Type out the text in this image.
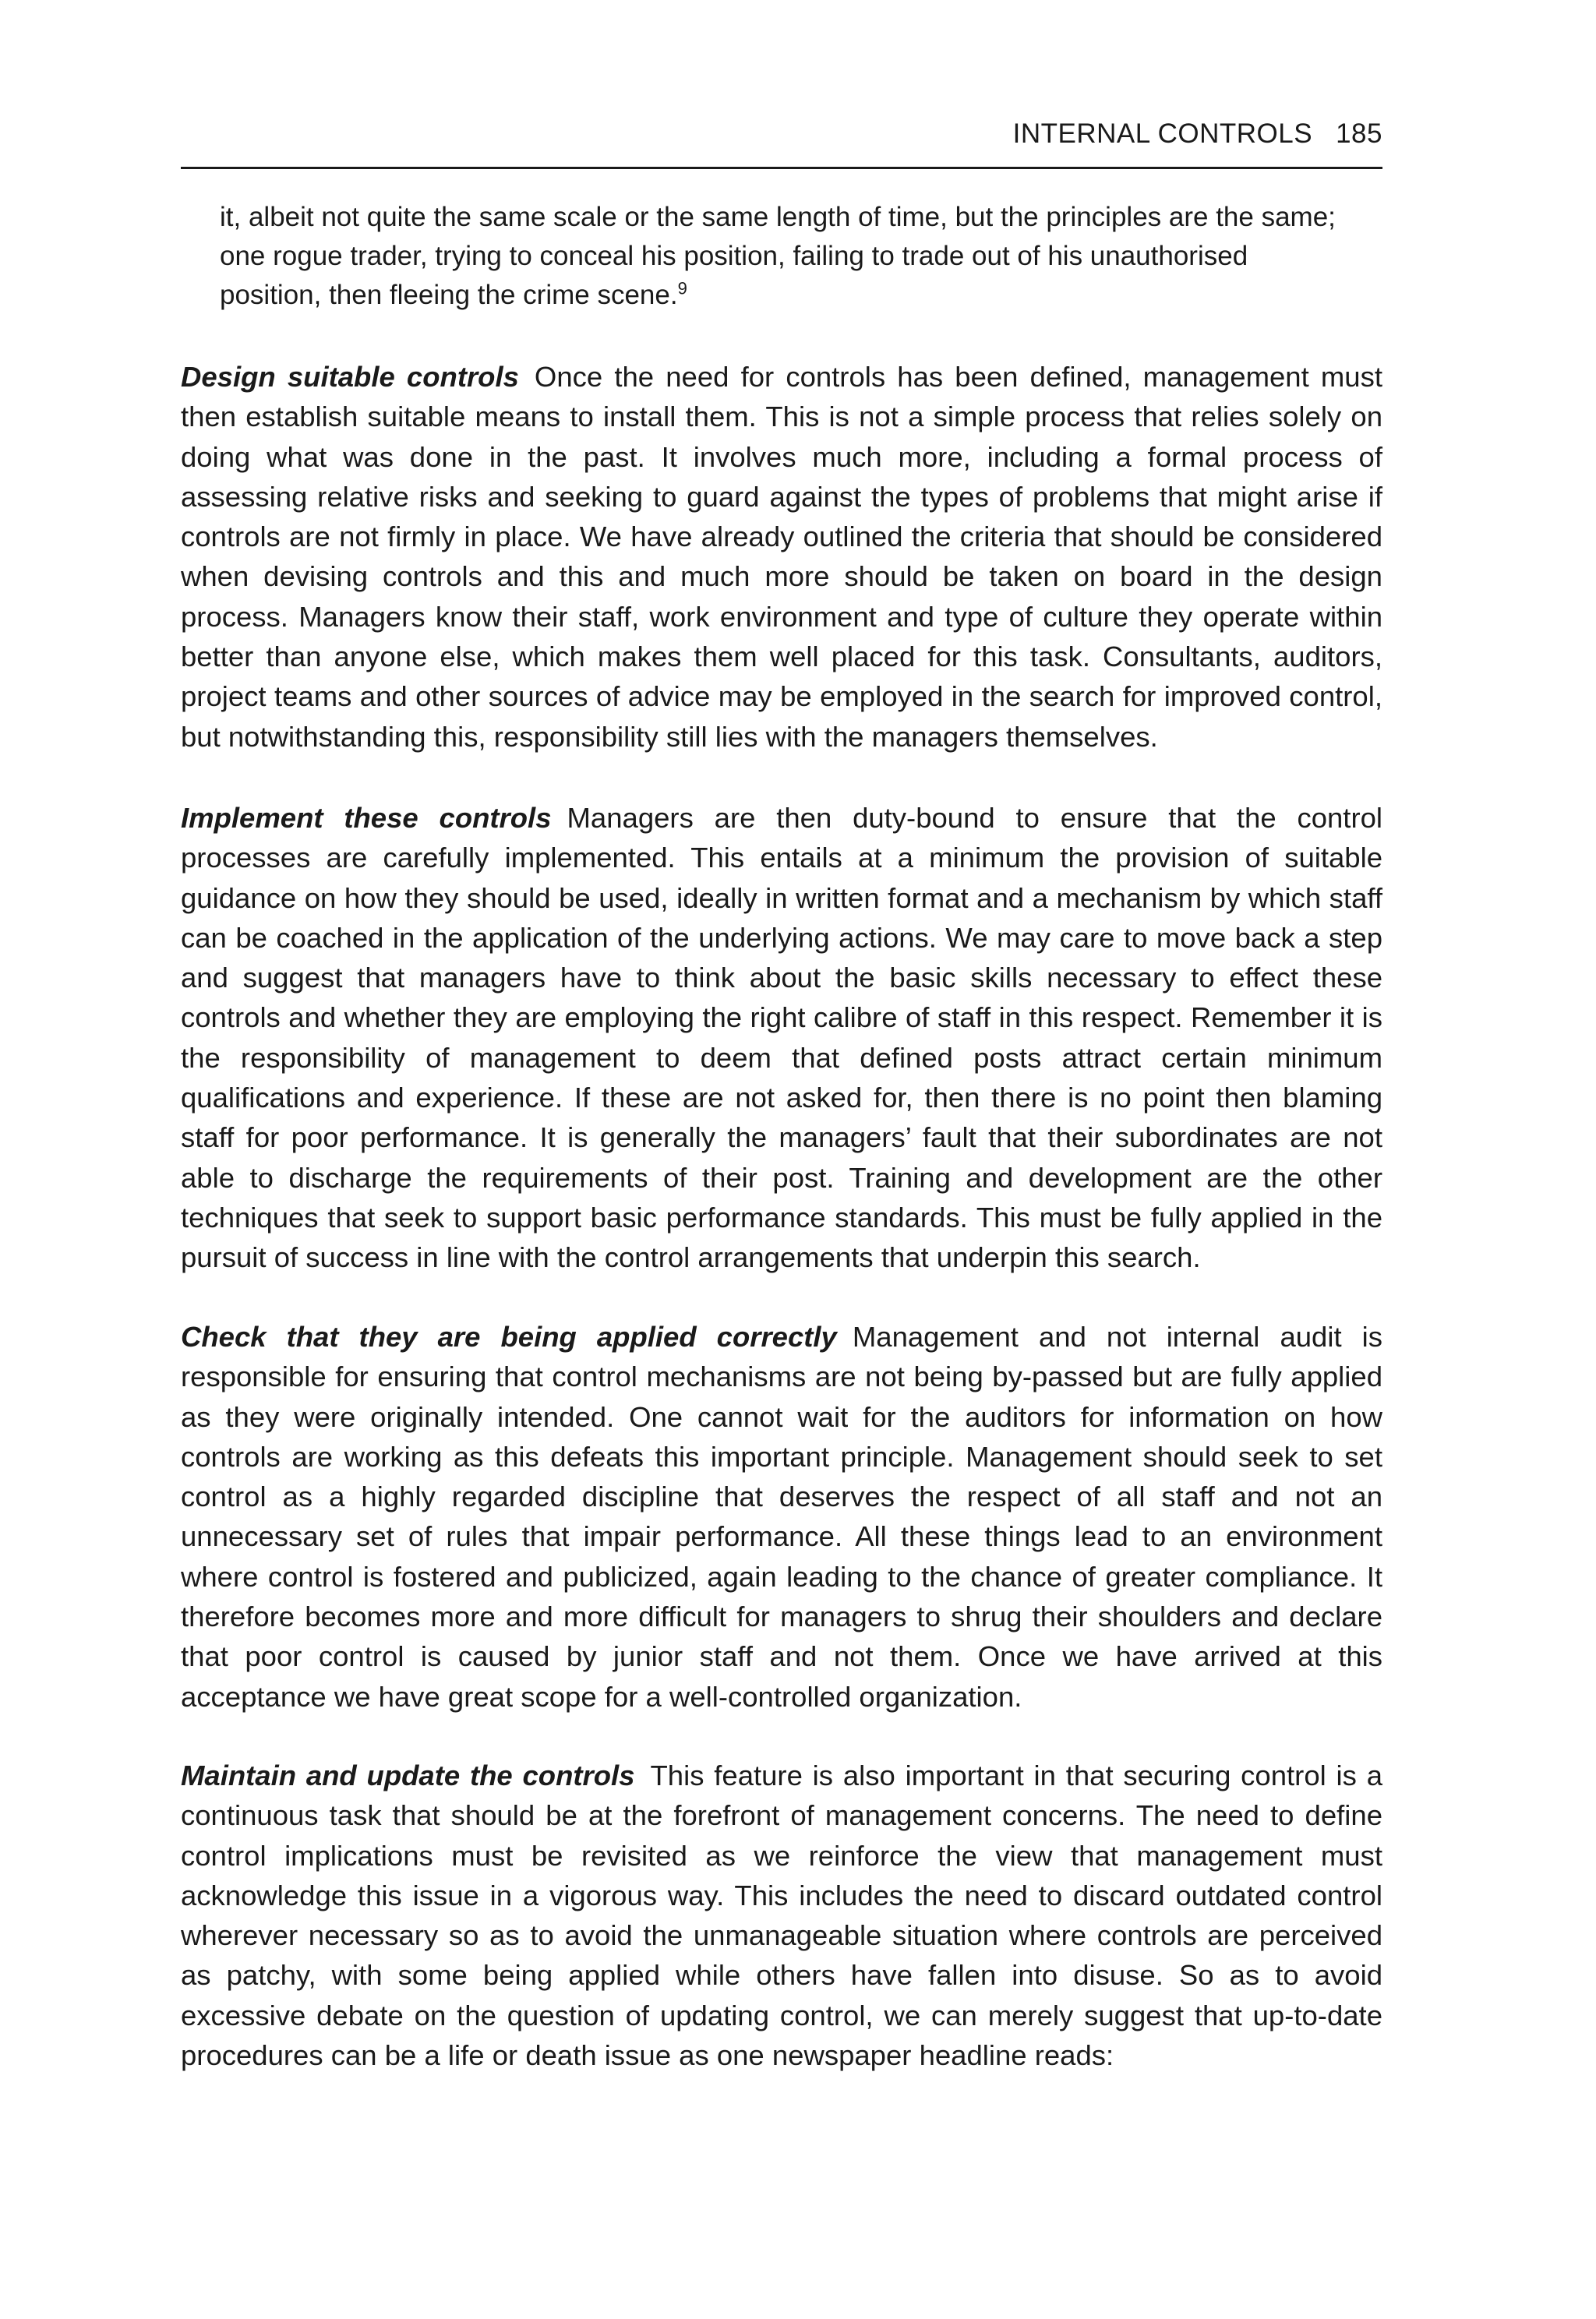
INTERNAL CONTROLS 185

it, albeit not quite the same scale or the same length of time, but the principles are the same; one rogue trader, trying to conceal his position, failing to trade out of his unauthorised position, then fleeing the crime scene.$^9$

Design suitable controls Once the need for controls has been defined, management must then establish suitable means to install them. This is not a simple process that relies solely on doing what was done in the past. It involves much more, including a formal process of assessing relative risks and seeking to guard against the types of problems that might arise if controls are not firmly in place. We have already outlined the criteria that should be considered when devising controls and this and much more should be taken on board in the design process. Managers know their staff, work environment and type of culture they operate within better than anyone else, which makes them well placed for this task. Consultants, auditors, project teams and other sources of advice may be employed in the search for improved control, but notwithstanding this, responsibility still lies with the managers themselves.

Implement these controls Managers are then duty-bound to ensure that the control processes are carefully implemented. This entails at a minimum the provision of suitable guidance on how they should be used, ideally in written format and a mechanism by which staff can be coached in the application of the underlying actions. We may care to move back a step and suggest that managers have to think about the basic skills necessary to effect these controls and whether they are employing the right calibre of staff in this respect. Remember it is the responsibility of management to deem that defined posts attract certain minimum qualifications and experience. If these are not asked for, then there is no point then blaming staff for poor performance. It is generally the managers’ fault that their subordinates are not able to discharge the requirements of their post. Training and development are the other techniques that seek to support basic performance standards. This must be fully applied in the pursuit of success in line with the control arrangements that underpin this search.

Check that they are being applied correctly Management and not internal audit is responsible for ensuring that control mechanisms are not being by-passed but are fully applied as they were originally intended. One cannot wait for the auditors for information on how controls are working as this defeats this important principle. Management should seek to set control as a highly regarded discipline that deserves the respect of all staff and not an unnecessary set of rules that impair performance. All these things lead to an environment where control is fostered and publicized, again leading to the chance of greater compliance. It therefore becomes more and more difficult for managers to shrug their shoulders and declare that poor control is caused by junior staff and not them. Once we have arrived at this acceptance we have great scope for a well-controlled organization.

Maintain and update the controls This feature is also important in that securing control is a continuous task that should be at the forefront of management concerns. The need to define control implications must be revisited as we reinforce the view that management must acknowledge this issue in a vigorous way. This includes the need to discard outdated control wherever necessary so as to avoid the unmanageable situation where controls are perceived as patchy, with some being applied while others have fallen into disuse. So as to avoid excessive debate on the question of updating control, we can merely suggest that up-to-date procedures can be a life or death issue as one newspaper headline reads:
